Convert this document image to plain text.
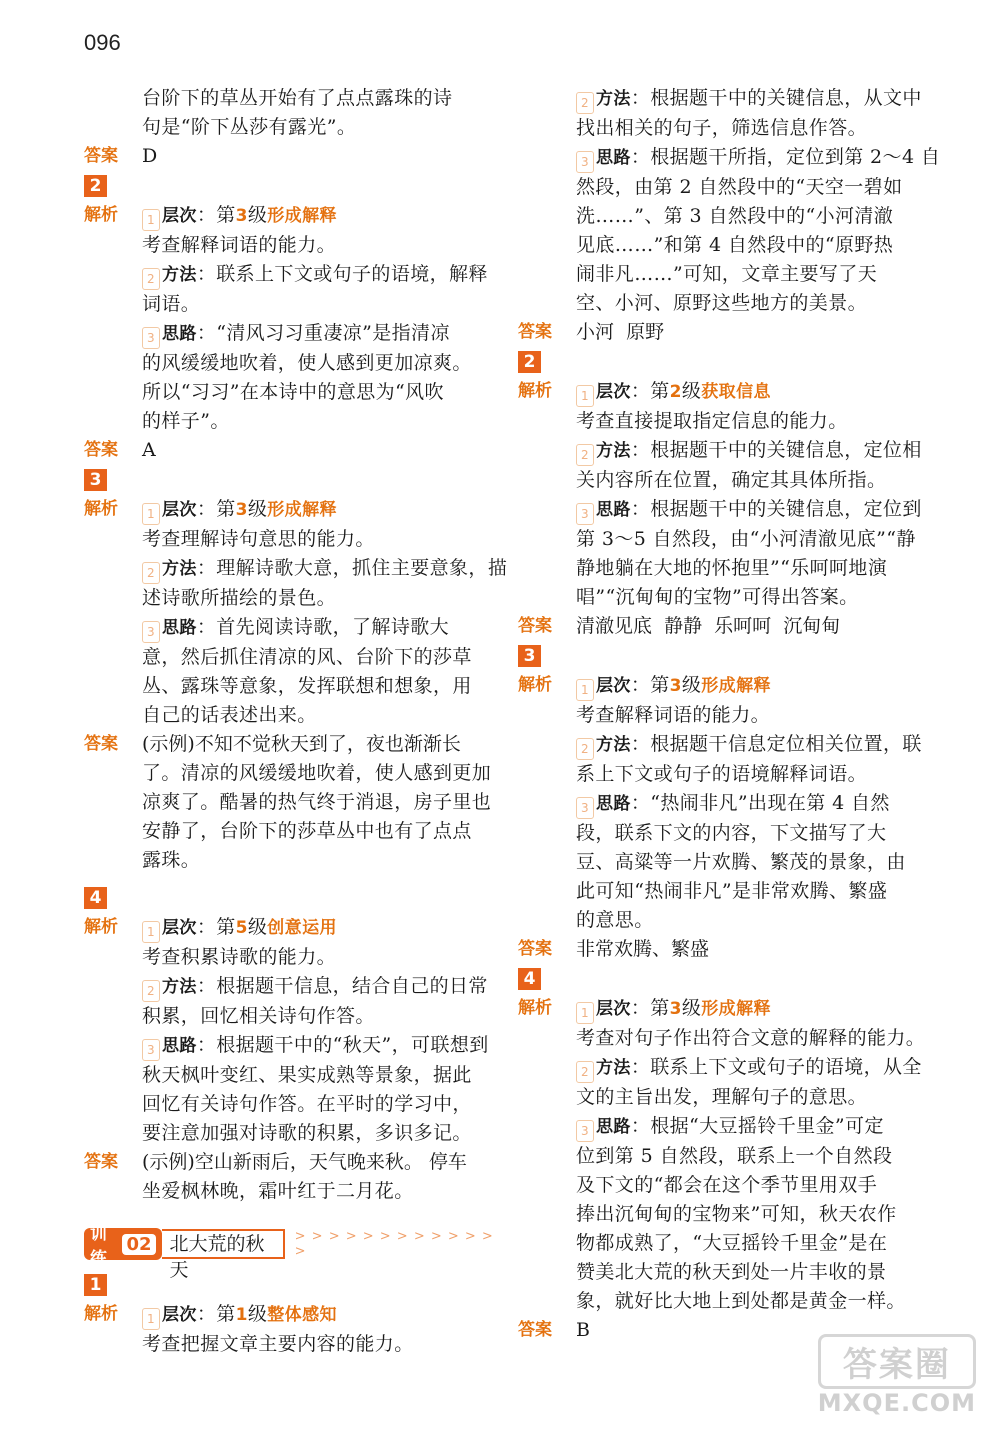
096
台阶下的草丛开始有了点点露珠的诗
句是“阶下丛莎有露光”。
答案	D
2
解析	1 层次：第3级形成解释
考查解释词语的能力。
2 方法：联系上下文或句子的语境，解释
词语。
3 思路：“清风习习重凄凉”是指清凉
的风缓缓地吹着，使人感到更加凉爽。
所以“习习”在本诗中的意思为“风吹
的样子”。
答案	A
3
解析	1 层次：第3级形成解释
考查理解诗句意思的能力。
2 方法：理解诗歌大意，抓住主要意象，描
述诗歌所描绘的景色。
3 思路：首先阅读诗歌，了解诗歌大
意，然后抓住清凉的风、台阶下的莎草
丛、露珠等意象，发挥联想和想象，用
自己的话表述出来。
答案	(示例)不知不觉秋天到了，夜也渐渐长
了。清凉的风缓缓地吹着，使人感到更加
凉爽了。酷暑的热气终于消退，房子里也
安静了，台阶下的莎草丛中也有了点点
露珠。
4
解析	1 层次：第5级创意运用
考查积累诗歌的能力。
2 方法：根据题干信息，结合自己的日常
积累，回忆相关诗句作答。
3 思路：根据题干中的“秋天”，可联想到
秋天枫叶变红、果实成熟等景象，据此
回忆有关诗句作答。在平时的学习中，
要注意加强对诗歌的积累，多识多记。
答案	(示例)空山新雨后，天气晚来秋。 停车
坐爱枫林晚，霜叶红于二月花。
训练
02 北大荒的秋天
> > > > > > > > > > > > >
1
解析	1 层次：第1级整体感知
考查把握文章主要内容的能力。
2 方法：根据题干中的关键信息，从文中
找出相关的句子，筛选信息作答。
3 思路：根据题干所指，定位到第 2～4 自
然段，由第 2 自然段中的“天空一碧如
洗……”、第 3 自然段中的“小河清澈
见底……”和第 4 自然段中的“原野热
闹非凡……”可知，文章主要写了天
空、小河、原野这些地方的美景。
答案	小河  原野
2
解析	1 层次：第2级获取信息
考查直接提取指定信息的能力。
2 方法：根据题干中的关键信息，定位相
关内容所在位置，确定其具体所指。
3 思路：根据题干中的关键信息，定位到
第 3～5 自然段，由“小河清澈见底”“静
静地躺在大地的怀抱里”“乐呵呵地演
唱”“沉甸甸的宝物”可得出答案。
答案	清澈见底  静静  乐呵呵  沉甸甸
3
解析	1 层次：第3级形成解释
考查解释词语的能力。
2 方法：根据题干信息定位相关位置，联
系上下文或句子的语境解释词语。
3 思路：“热闹非凡”出现在第 4 自然
段，联系下文的内容，下文描写了大
豆、高粱等一片欢腾、繁茂的景象，由
此可知“热闹非凡”是非常欢腾、繁盛
的意思。
答案	非常欢腾、繁盛
4
解析	1 层次：第3级形成解释
考查对句子作出符合文意的解释的能力。
2 方法：联系上下文或句子的语境，从全
文的主旨出发，理解句子的意思。
3 思路：根据“大豆摇铃千里金”可定
位到第 5 自然段，联系上一个自然段
及下文的“都会在这个季节里用双手
捧出沉甸甸的宝物来”可知，秋天农作
物都成熟了，“大豆摇铃千里金”是在
赞美北大荒的秋天到处一片丰收的景
象，就好比大地上到处都是黄金一样。
答案	B
答案圈
MXQE.COM
